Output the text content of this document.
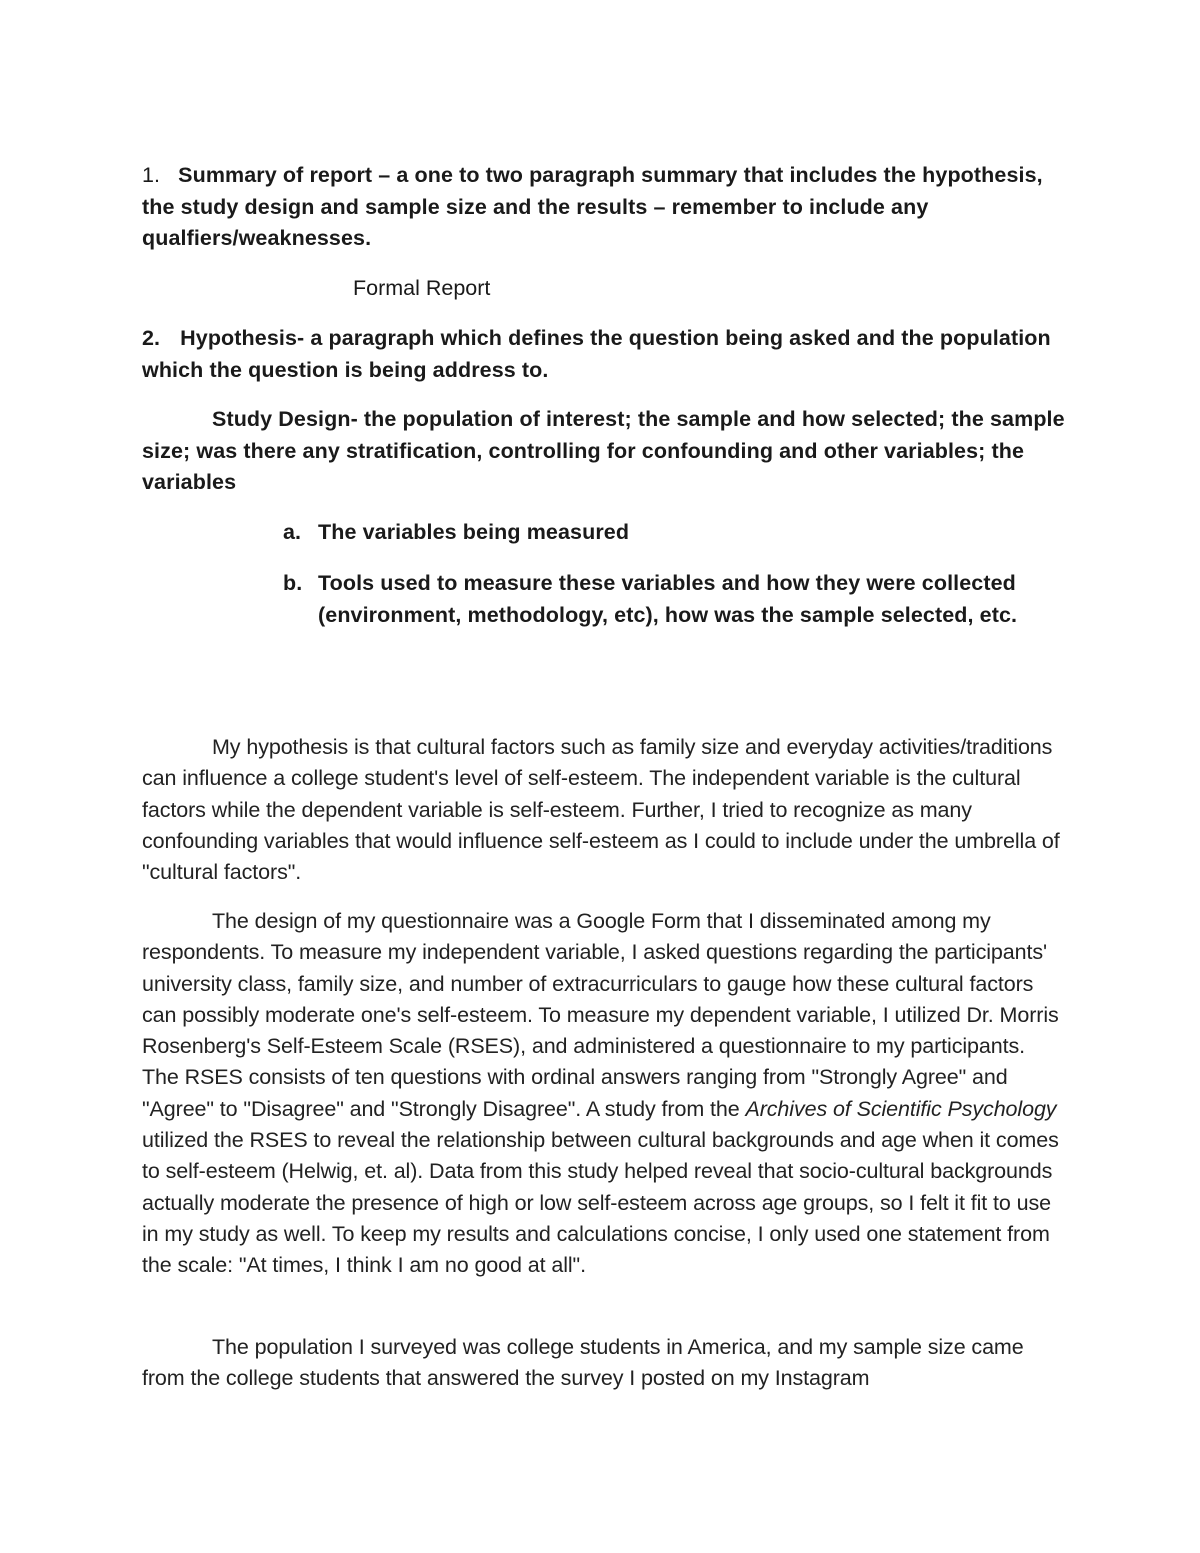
1. Summary of report – a one to two paragraph summary that includes the hypothesis, the study design and sample size and the results – remember to include any qualfiers/weaknesses.

Formal Report

2. Hypothesis- a paragraph which defines the question being asked and the population which the question is being address to.

Study Design- the population of interest; the sample and how selected; the sample size; was there any stratification, controlling for confounding and other variables; the variables

a. The variables being measured
b. Tools used to measure these variables and how they were collected (environment, methodology, etc), how was the sample selected, etc.

My hypothesis is that cultural factors such as family size and everyday activities/traditions can influence a college student's level of self-esteem. The independent variable is the cultural factors while the dependent variable is self-esteem. Further, I tried to recognize as many confounding variables that would influence self-esteem as I could to include under the umbrella of "cultural factors".

The design of my questionnaire was a Google Form that I disseminated among my respondents. To measure my independent variable, I asked questions regarding the participants' university class, family size, and number of extracurriculars to gauge how these cultural factors can possibly moderate one's self-esteem. To measure my dependent variable, I utilized Dr. Morris Rosenberg's Self-Esteem Scale (RSES), and administered a questionnaire to my participants. The RSES consists of ten questions with ordinal answers ranging from "Strongly Agree" and "Agree" to "Disagree" and "Strongly Disagree". A study from the Archives of Scientific Psychology utilized the RSES to reveal the relationship between cultural backgrounds and age when it comes to self-esteem (Helwig, et. al). Data from this study helped reveal that socio-cultural backgrounds actually moderate the presence of high or low self-esteem across age groups, so I felt it fit to use in my study as well. To keep my results and calculations concise, I only used one statement from the scale: "At times, I think I am no good at all".

The population I surveyed was college students in America, and my sample size came from the college students that answered the survey I posted on my Instagram
